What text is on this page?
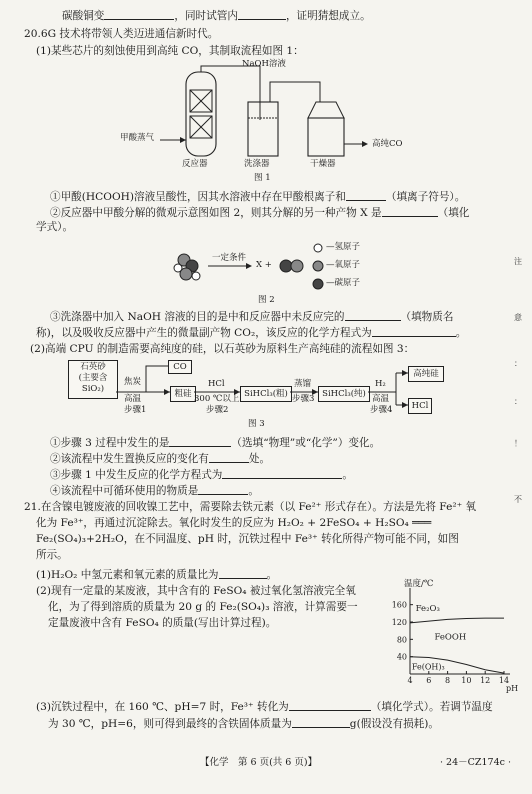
碳酸铜变	，同时试管内	，证明猜想成立。
20.6G 技术将带领人类迈进通信新时代。
(1)某些芯片的刻蚀使用到高纯 CO，其制取流程如图 1：
NaOH溶液
甲酸蒸气
反应器	洗涤器	干燥器
高纯CO
图 1
①甲酸(HCOOH)溶液呈酸性，因其水溶液中存在甲酸根离子和	（填离子符号）。
②反应器中甲酸分解的微观示意图如图 2，则其分解的另一种产物 X 是	（填化
学式）。
一定条件
X +
—氢原子
—氧原子
—碳原子
图 2
③洗涤器中加入 NaOH 溶液的目的是中和反应器中未反应完的	（填物质名
称)，以及吸收反应器中产生的微量副产物 CO₂，该反应的化学方程式为	。
(2)高端 CPU 的制造需要高纯度的硅，以石英砂为原料生产高纯硅的流程如图 3：
石英砂
(主要含
SiO₂)
CO
粗硅	SiHCl₃(粗)	SiHCl₃(纯)
高纯硅
HCl
焦炭
高温
步骤1
HCl
300 ℃以上
步骤2
蒸馏
步骤3
H₂
高温
步骤4
图 3
①步骤 3 过程中发生的是	（选填“物理”或“化学”）变化。
②该流程中发生置换反应的变化有	处。
③步骤 1 中发生反应的化学方程式为	。
④该流程中可循环使用的物质是	。
21.在含镍电镀废液的回收镍工艺中，需要除去铁元素（以 Fe²⁺ 形式存在）。方法是先将 Fe²⁺ 氧
化为 Fe³⁺，再通过沉淀除去。氧化时发生的反应为 H₂O₂ + 2FeSO₄ + H₂SO₄ ═══
Fe₂(SO₄)₃+2H₂O，在不同温度、pH 时，沉铁过程中 Fe³⁺ 转化所得产物可能不同，如图
所示。
(1)H₂O₂ 中氢元素和氧元素的质量比为	。
(2)现有一定量的某废液，其中含有的 FeSO₄ 被过氧化氢溶液完全氧
化，为了得到溶质的质量为 20 g 的 Fe₂(SO₄)₃ 溶液，计算需要一
定量废液中含有 FeSO₄ 的质量(写出计算过程)。
40
80
120
160
4 6 8 10 12 14
温度/℃
pH
Fe₂O₃
FeOOH
Fe(OH)₃
(3)沉铁过程中，在 160 ℃、pH=7 时，Fe³⁺ 转化为	（填化学式）。若调节温度
为 30 ℃，pH=6，则可得到最终的含铁固体质量为	g(假设没有损耗)。
【化学　第 6 页(共 6 页)】	· 24－CZ174c ·
注
意
：
：
！
不
